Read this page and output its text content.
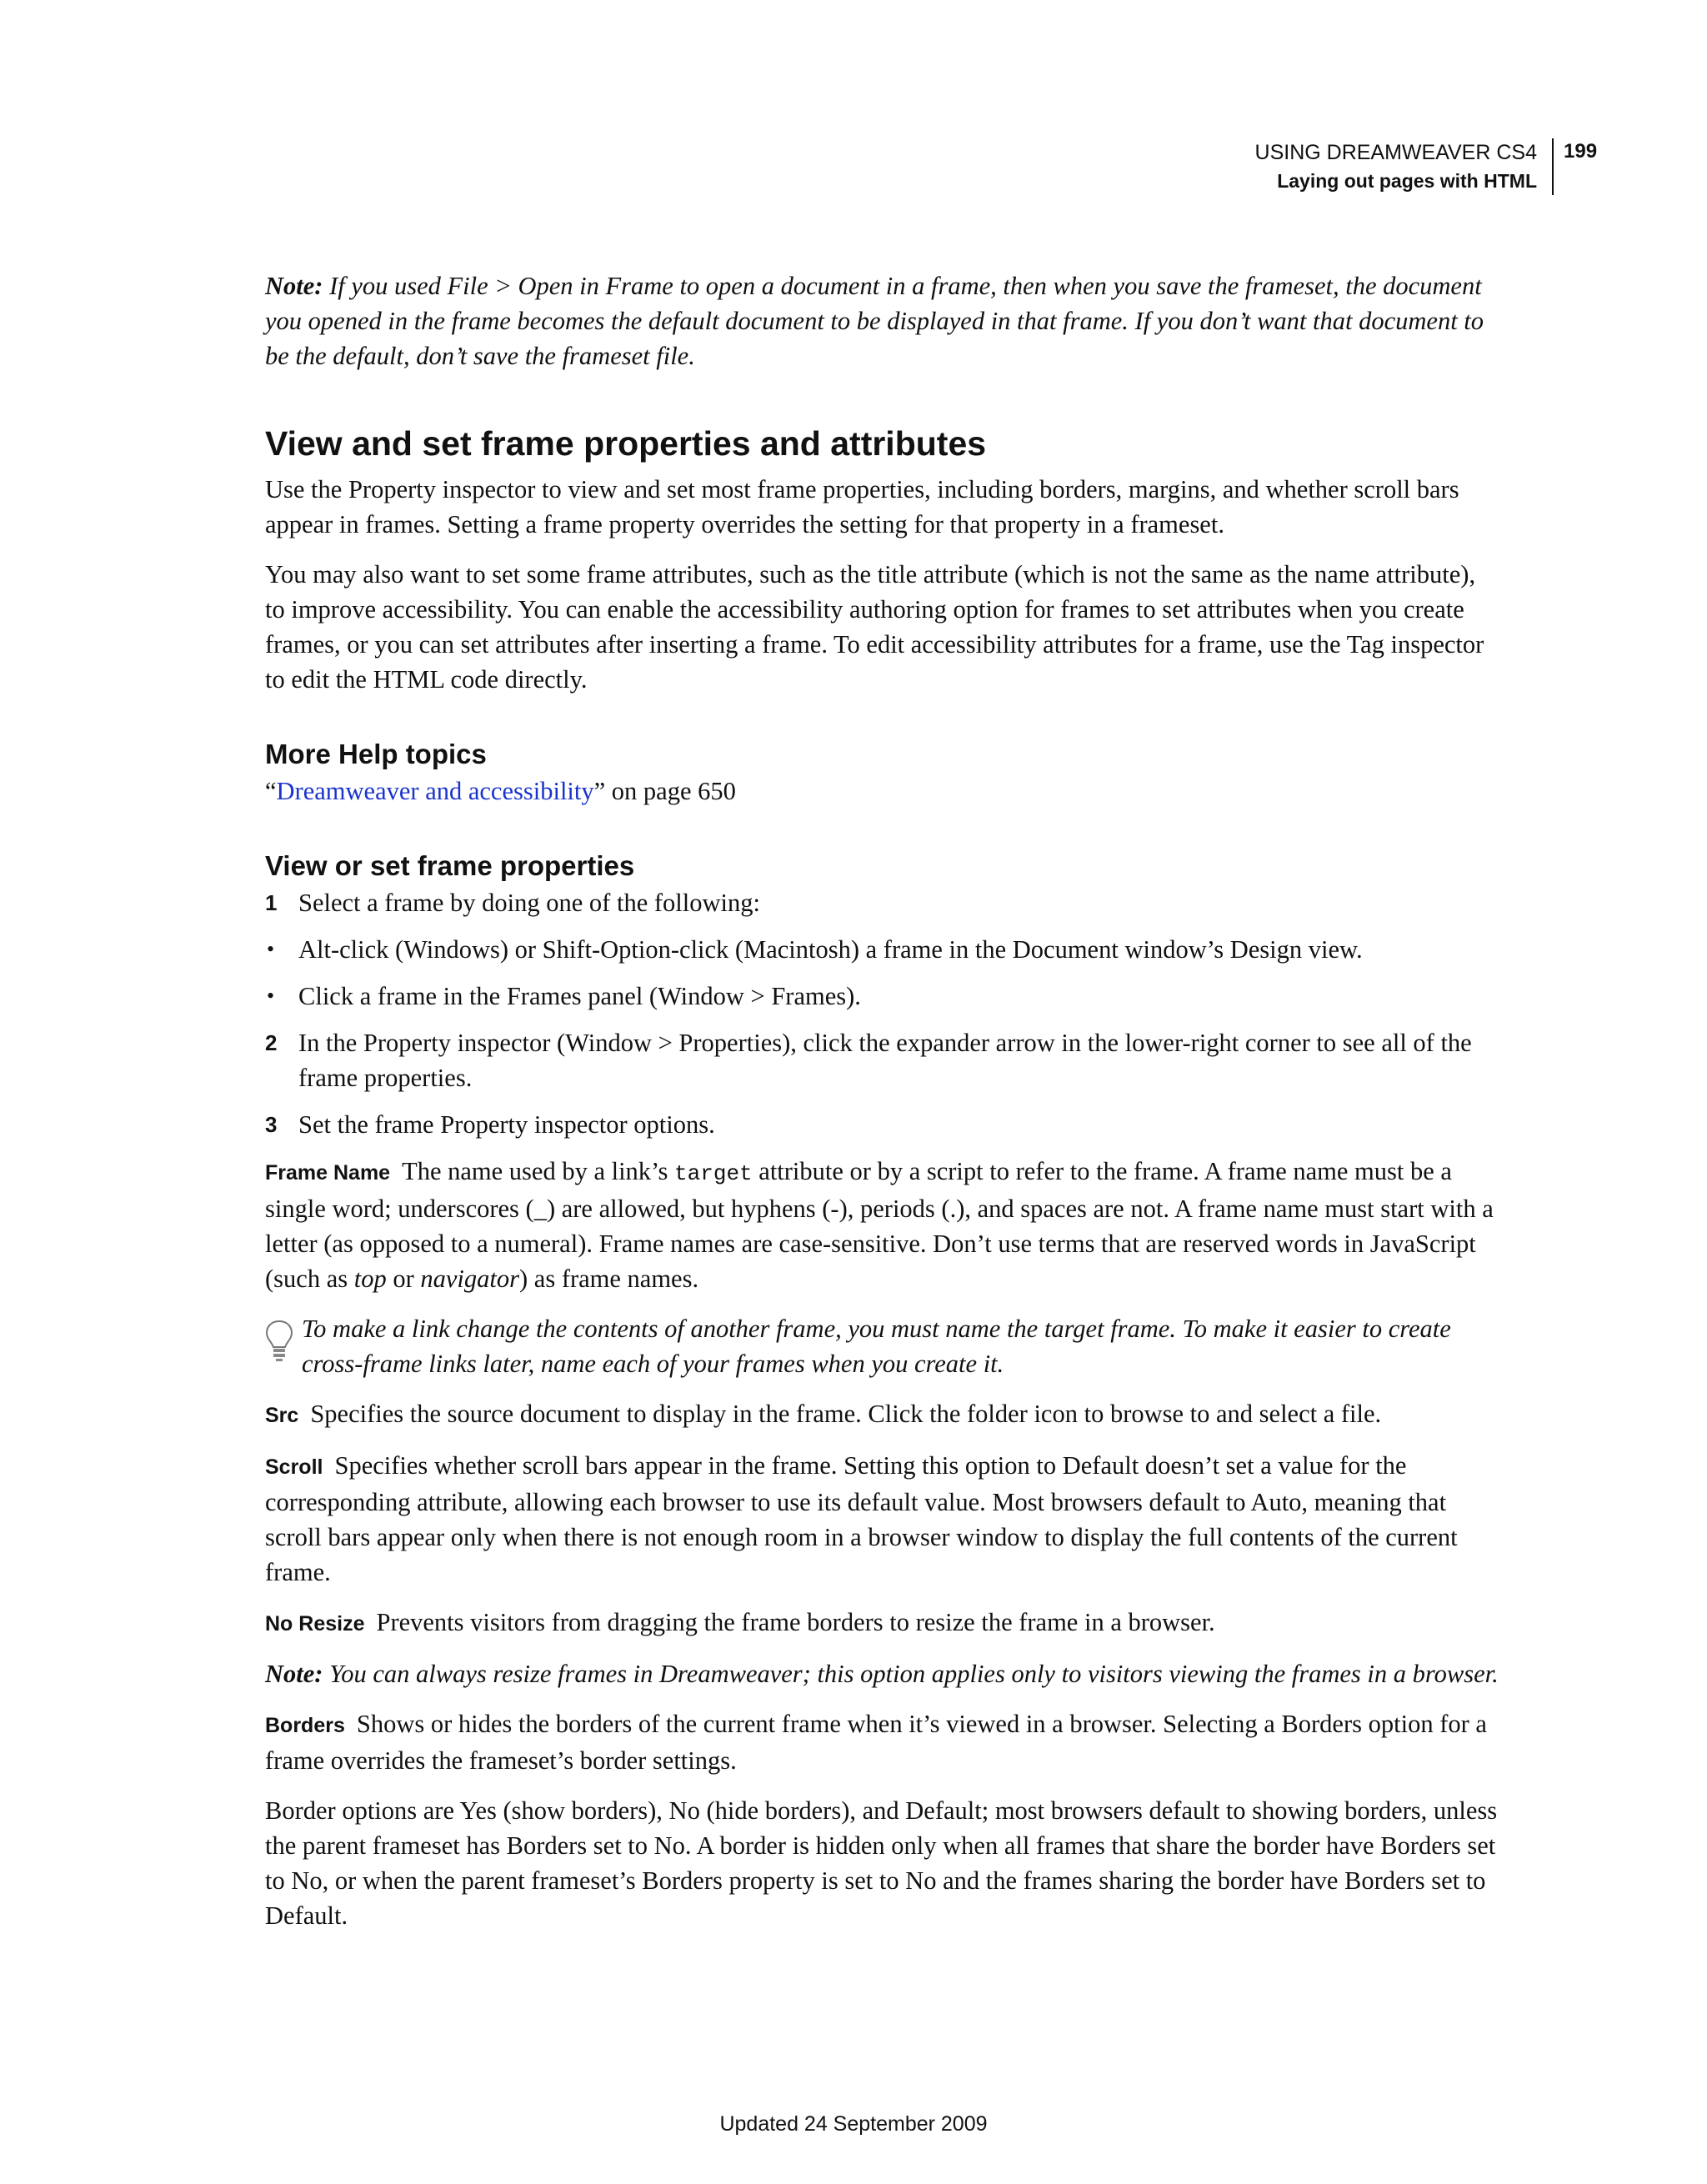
USING DREAMWEAVER CS4
Laying out pages with HTML
199

Note: If you used File > Open in Frame to open a document in a frame, then when you save the frameset, the document you opened in the frame becomes the default document to be displayed in that frame. If you don’t want that document to be the default, don’t save the frameset file.

View and set frame properties and attributes

Use the Property inspector to view and set most frame properties, including borders, margins, and whether scroll bars appear in frames. Setting a frame property overrides the setting for that property in a frameset.

You may also want to set some frame attributes, such as the title attribute (which is not the same as the name attribute), to improve accessibility. You can enable the accessibility authoring option for frames to set attributes when you create frames, or you can set attributes after inserting a frame. To edit accessibility attributes for a frame, use the Tag inspector to edit the HTML code directly.

More Help topics

“Dreamweaver and accessibility” on page 650

View or set frame properties

1 Select a frame by doing one of the following:

• Alt-click (Windows) or Shift-Option-click (Macintosh) a frame in the Document window’s Design view.

• Click a frame in the Frames panel (Window > Frames).

2 In the Property inspector (Window > Properties), click the expander arrow in the lower-right corner to see all of the frame properties.

3 Set the frame Property inspector options.

Frame Name The name used by a link’s target attribute or by a script to refer to the frame. A frame name must be a single word; underscores (_) are allowed, but hyphens (-), periods (.), and spaces are not. A frame name must start with a letter (as opposed to a numeral). Frame names are case-sensitive. Don’t use terms that are reserved words in JavaScript (such as top or navigator) as frame names.

To make a link change the contents of another frame, you must name the target frame. To make it easier to create cross-frame links later, name each of your frames when you create it.

Src Specifies the source document to display in the frame. Click the folder icon to browse to and select a file.

Scroll Specifies whether scroll bars appear in the frame. Setting this option to Default doesn’t set a value for the corresponding attribute, allowing each browser to use its default value. Most browsers default to Auto, meaning that scroll bars appear only when there is not enough room in a browser window to display the full contents of the current frame.

No Resize Prevents visitors from dragging the frame borders to resize the frame in a browser.

Note: You can always resize frames in Dreamweaver; this option applies only to visitors viewing the frames in a browser.

Borders Shows or hides the borders of the current frame when it’s viewed in a browser. Selecting a Borders option for a frame overrides the frameset’s border settings.

Border options are Yes (show borders), No (hide borders), and Default; most browsers default to showing borders, unless the parent frameset has Borders set to No. A border is hidden only when all frames that share the border have Borders set to No, or when the parent frameset’s Borders property is set to No and the frames sharing the border have Borders set to Default.

Updated 24 September 2009
